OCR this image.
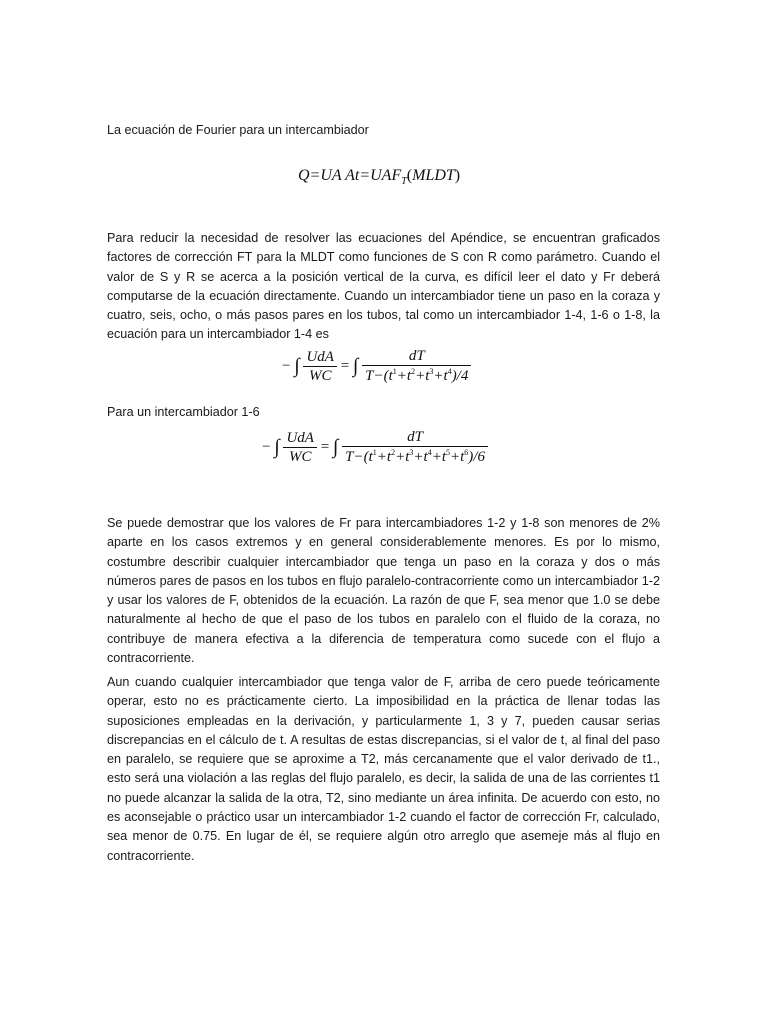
La ecuación de Fourier para un intercambiador

Q=UA $At=UAF_T(MLDT)$

Para reducir la necesidad de resolver las ecuaciones del Apéndice, se encuentran graficados factores de corrección FT para la MLDT como funciones de S con R como parámetro. Cuando el valor de S y R se acerca a la posición vertical de la curva, es difícil leer el dato y Fr deberá computarse de la ecuación directamente. Cuando un intercambiador tiene un paso en la coraza y cuatro, seis, ocho, o más pasos pares en los tubos, tal como un intercambiador 1-4, 1-6 o 1-8, la ecuación para un intercambiador 1-4 es

− ∫ $\frac{\text{UdA}}{WC}$ = ∫ $\frac{dT}{T-(t^1+t^2+t^3+t^4)/4}$

Para un intercambiador 1-6

− ∫ $\frac{\text{UdA}}{WC}$ = ∫ $\frac{dT}{T-(t^1+t^2+t^3+t^4+t^5+t^6)/6}$

Se puede demostrar que los valores de Fr para intercambiadores 1-2 y 1-8 son menores de 2% aparte en los casos extremos y en general considerablemente menores. Es por lo mismo, costumbre describir cualquier intercambiador que tenga un paso en la coraza y dos o más números pares de pasos en los tubos en flujo paralelo-contracorriente como un intercambiador 1-2 y usar los valores de F, obtenidos de la ecuación. La razón de que F, sea menor que 1.0 se debe naturalmente al hecho de que el paso de los tubos en paralelo con el fluido de la coraza, no contribuye de manera efectiva a la diferencia de temperatura como sucede con el flujo a contracorriente.

Aun cuando cualquier intercambiador que tenga valor de F, arriba de cero puede teóricamente operar, esto no es prácticamente cierto. La imposibilidad en la práctica de llenar todas las suposiciones empleadas en la derivación, y particularmente 1, 3 y 7, pueden causar serias discrepancias en el cálculo de t. A resultas de estas discrepancias, si el valor de t, al final del paso en paralelo, se requiere que se aproxime a T2, más cercanamente que el valor derivado de t1., esto será una violación a las reglas del flujo paralelo, es decir, la salida de una de las corrientes t1 no puede alcanzar la salida de la otra, T2, sino mediante un área infinita. De acuerdo con esto, no es aconsejable o práctico usar un intercambiador 1-2 cuando el factor de corrección Fr, calculado, sea menor de 0.75. En lugar de él, se requiere algún otro arreglo que asemeje más al flujo en contracorriente.
